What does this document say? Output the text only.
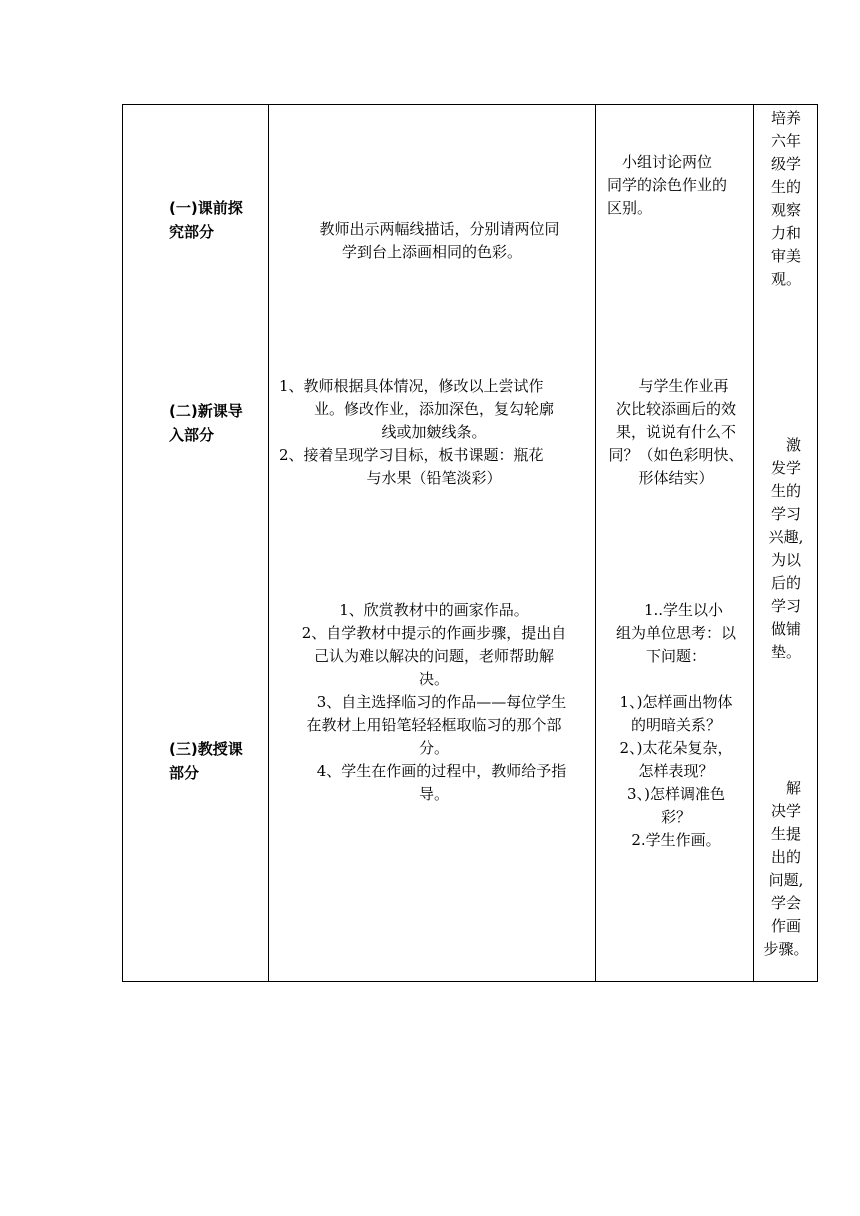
(一)课前探

究部分	　教师出示两幅线描话，分别请两位同

学到台上添画相同的色彩。

　小组讨论两位

同学的涂色作业的

区别。

培养

六年

级学

生的

观察

力和

审美

观。

(二)新课导

入部分

1、教师根据具体情况，修改以上尝试作

业。修改作业，添加深色，复勾轮廓

线或加皴线条。

2、接着呈现学习目标，板书课题：瓶花

与水果（铅笔淡彩）

　与学生作业再

次比较添画后的效

果，说说有什么不

同？（如色彩明快、

形体结实）

　激

发学

生的

学习

兴趣,

为以

后的

学习

做铺

垫。

(三)教授课

部分

1、欣赏教材中的画家作品。

2、自学教材中提示的作画步骤，提出自

己认为难以解决的问题，老师帮助解

决。

　3、自主选择临习的作品——每位学生

在教材上用铅笔轻轻框取临习的那个部

分。

　4、学生在作画的过程中，教师给予指

导。

　1..学生以小

组为单位思考：以

下问题：

1、)怎样画出物体

的明暗关系？

2、)太花朵复杂，

怎样表现？

3、)怎样调准色

彩？

2.学生作画。

　解

决学

生提

出的

问题,

学会

作画

步骤。
